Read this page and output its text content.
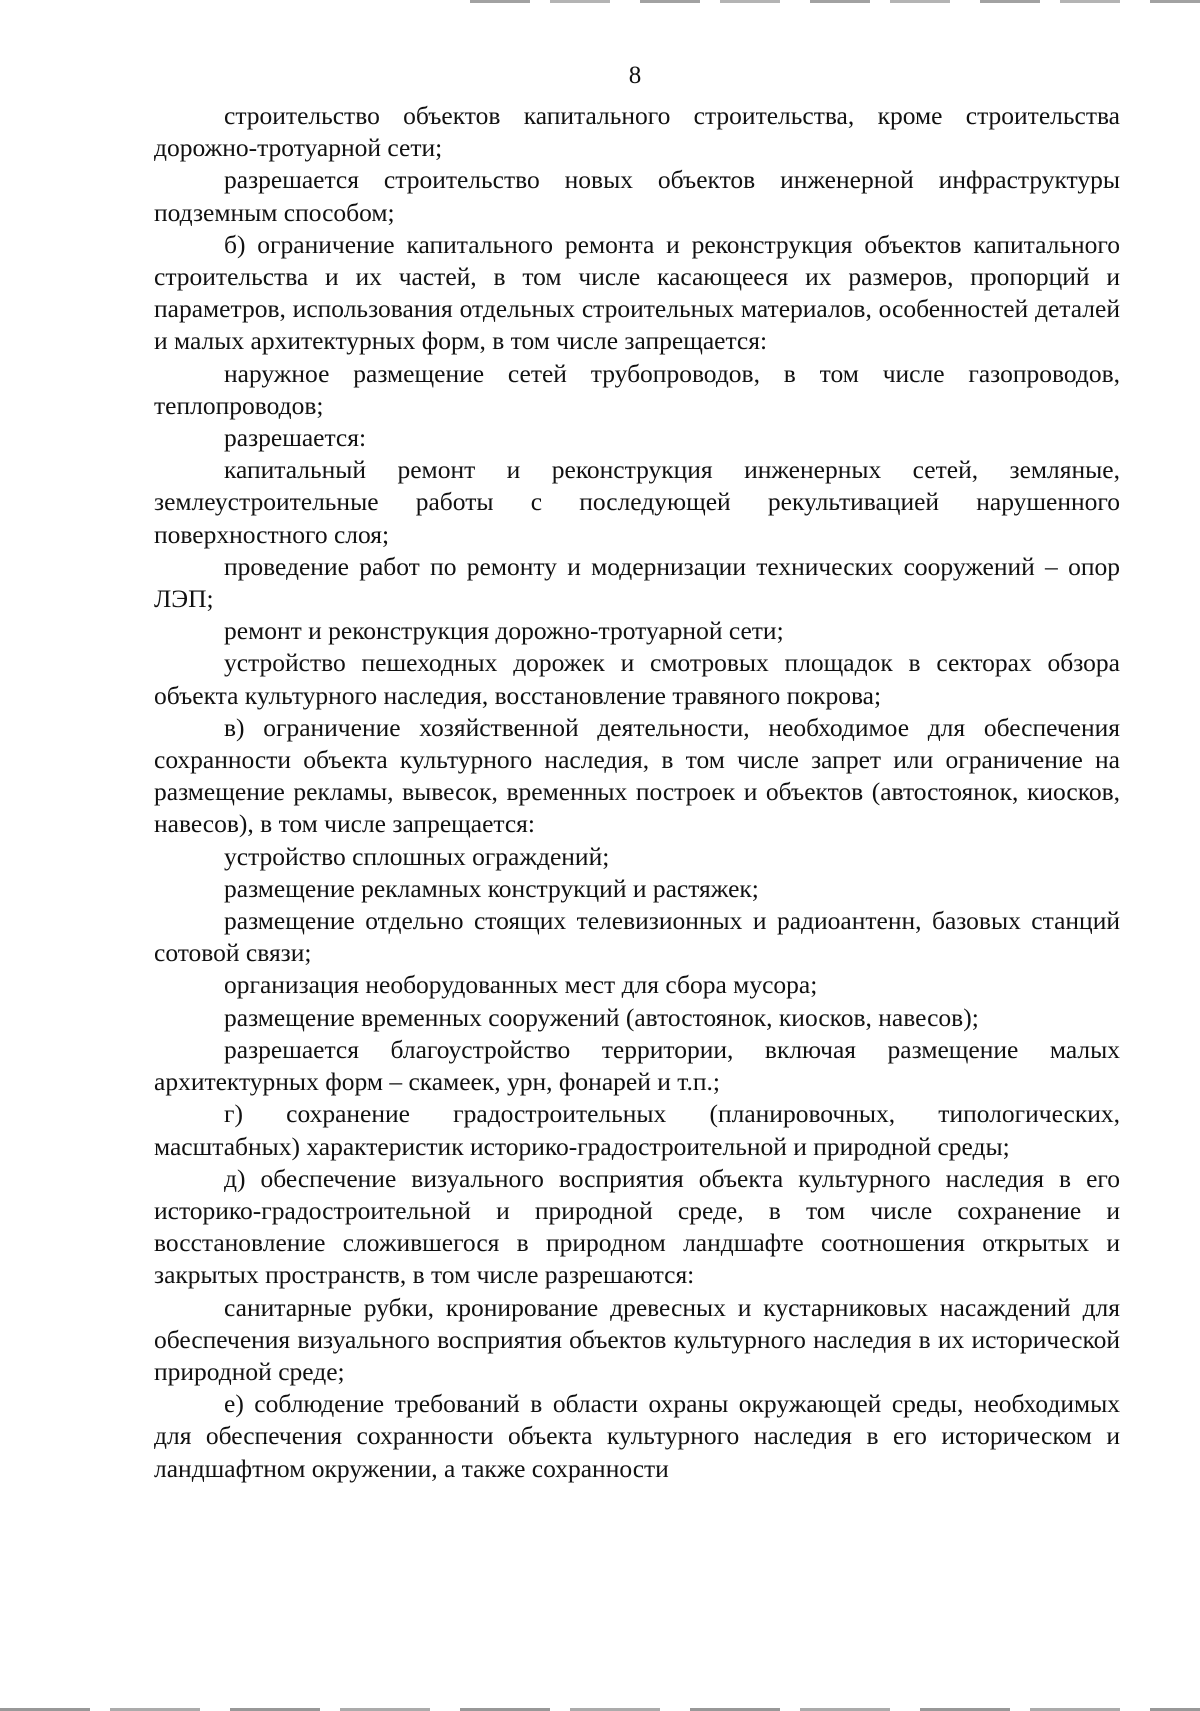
8

строительство объектов капитального строительства, кроме строительства дорожно-тротуарной сети;

разрешается строительство новых объектов инженерной инфраструктуры подземным способом;

б) ограничение капитального ремонта и реконструкция объектов капитального строительства и их частей, в том числе касающееся их размеров, пропорций и параметров, использования отдельных строительных материалов, особенностей деталей и малых архитектурных форм, в том числе запрещается:

наружное размещение сетей трубопроводов, в том числе газопроводов, теплопроводов;

разрешается:

капитальный ремонт и реконструкция инженерных сетей, земляные, землеустроительные работы с последующей рекультивацией нарушенного поверхностного слоя;

проведение работ по ремонту и модернизации технических сооружений – опор ЛЭП;

ремонт и реконструкция дорожно-тротуарной сети;

устройство пешеходных дорожек и смотровых площадок в секторах обзора объекта культурного наследия, восстановление травяного покрова;

в) ограничение хозяйственной деятельности, необходимое для обеспечения сохранности объекта культурного наследия, в том числе запрет или ограничение на размещение рекламы, вывесок, временных построек и объектов (автостоянок, киосков, навесов), в том числе запрещается:

устройство сплошных ограждений;

размещение рекламных конструкций и растяжек;

размещение отдельно стоящих телевизионных и радиоантенн, базовых станций сотовой связи;

организация необорудованных мест для сбора мусора;

размещение временных сооружений (автостоянок, киосков, навесов);

разрешается благоустройство территории, включая размещение малых архитектурных форм – скамеек, урн, фонарей и т.п.;

г) сохранение градостроительных (планировочных, типологических, масштабных) характеристик историко-градостроительной и природной среды;

д) обеспечение визуального восприятия объекта культурного наследия в его историко-градостроительной и природной среде, в том числе сохранение и восстановление сложившегося в природном ландшафте соотношения открытых и закрытых пространств, в том числе разрешаются:

санитарные рубки, кронирование древесных и кустарниковых насаждений для обеспечения визуального восприятия объектов культурного наследия в их исторической природной среде;

е) соблюдение требований в области охраны окружающей среды, необходимых для обеспечения сохранности объекта культурного наследия в его историческом и ландшафтном окружении, а также сохранности
